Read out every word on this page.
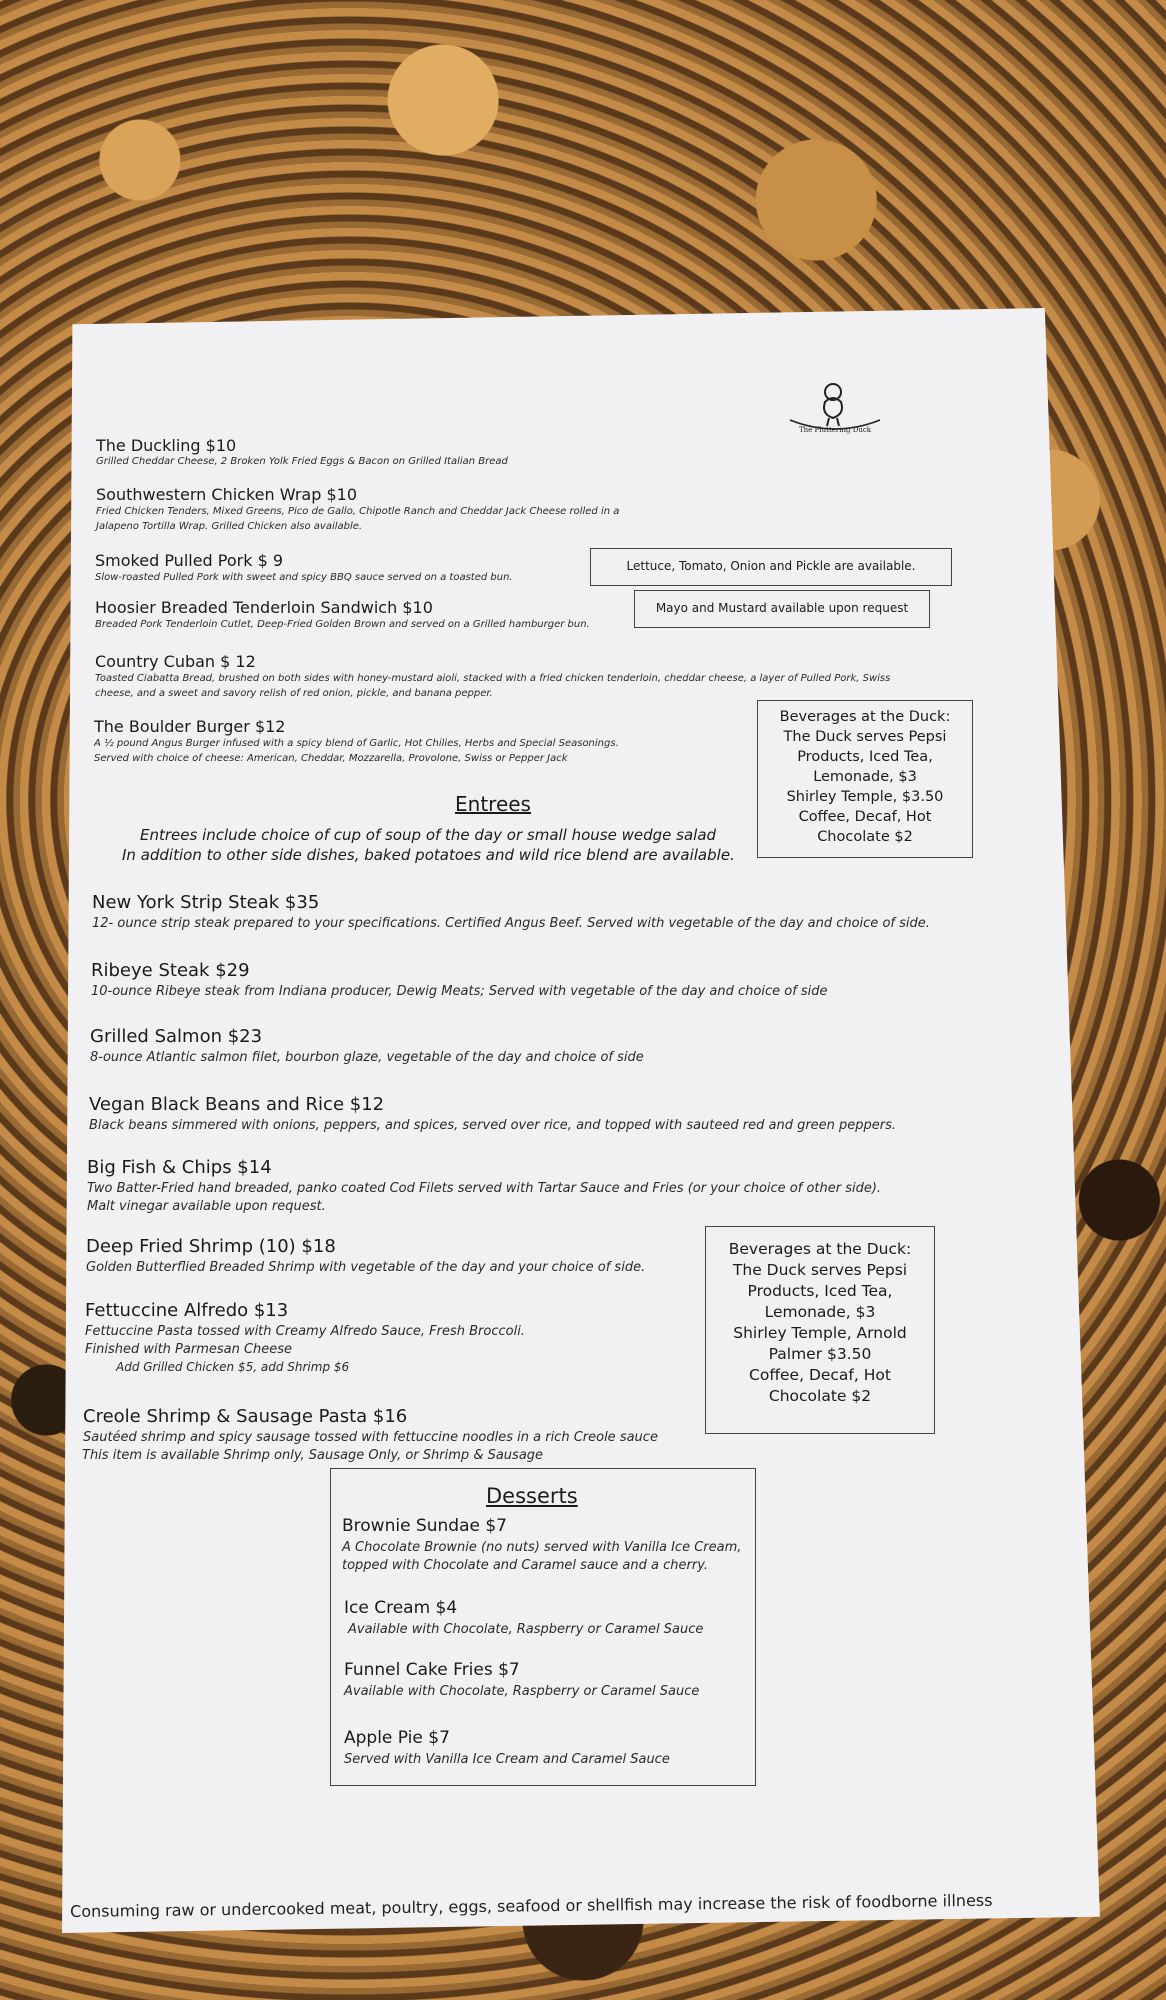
The Fluttering Duck
The Duckling $10
Grilled Cheddar Cheese, 2 Broken Yolk Fried Eggs & Bacon on Grilled Italian Bread
Southwestern Chicken Wrap $10
Fried Chicken Tenders, Mixed Greens, Pico de Gallo, Chipotle Ranch and Cheddar Jack Cheese rolled in a
Jalapeno Tortilla Wrap. Grilled Chicken also available.
Smoked Pulled Pork $ 9
Slow-roasted Pulled Pork with sweet and spicy BBQ sauce served on a toasted bun.
Lettuce, Tomato, Onion and Pickle are available.
Hoosier Breaded Tenderloin Sandwich $10
Breaded Pork Tenderloin Cutlet, Deep-Fried Golden Brown and served on a Grilled hamburger bun.
Mayo and Mustard available upon request
Country Cuban $ 12
Toasted Ciabatta Bread, brushed on both sides with honey-mustard aioli, stacked with a fried chicken tenderloin, cheddar cheese, a layer of Pulled Pork, Swiss
cheese, and a sweet and savory relish of red onion, pickle, and banana pepper.
The Boulder Burger $12
A ½ pound Angus Burger infused with a spicy blend of Garlic, Hot Chilies, Herbs and Special Seasonings.
Served with choice of cheese: American, Cheddar, Mozzarella, Provolone, Swiss or Pepper Jack
Beverages at the Duck:
The Duck serves Pepsi
Products, Iced Tea,
Lemonade, $3
Shirley Temple, $3.50
Coffee, Decaf, Hot
Chocolate $2
Entrees
Entrees include choice of cup of soup of the day or small house wedge salad
In addition to other side dishes, baked potatoes and wild rice blend are available.
New York Strip Steak $35
12- ounce strip steak prepared to your specifications. Certified Angus Beef. Served with vegetable of the day and choice of side.
Ribeye Steak $29
10-ounce Ribeye steak from Indiana producer, Dewig Meats; Served with vegetable of the day and choice of side
Grilled Salmon $23
8-ounce Atlantic salmon filet, bourbon glaze, vegetable of the day and choice of side
Vegan Black Beans and Rice $12
Black beans simmered with onions, peppers, and spices, served over rice, and topped with sauteed red and green peppers.
Big Fish & Chips $14
Two Batter-Fried hand breaded, panko coated Cod Filets served with Tartar Sauce and Fries (or your choice of other side).
Malt vinegar available upon request.
Deep Fried Shrimp (10) $18
Golden Butterflied Breaded Shrimp with vegetable of the day and your choice of side.
Fettuccine Alfredo $13
Fettuccine Pasta tossed with Creamy Alfredo Sauce, Fresh Broccoli.
Finished with Parmesan Cheese
Add Grilled Chicken $5, add Shrimp $6
Creole Shrimp & Sausage Pasta $16
Sautéed shrimp and spicy sausage tossed with fettuccine noodles in a rich Creole sauce
This item is available Shrimp only, Sausage Only, or Shrimp & Sausage
Beverages at the Duck:
The Duck serves Pepsi
Products, Iced Tea,
Lemonade, $3
Shirley Temple, Arnold
Palmer $3.50
Coffee, Decaf, Hot
Chocolate $2
Desserts
Brownie Sundae $7
A Chocolate Brownie (no nuts) served with Vanilla Ice Cream,
topped with Chocolate and Caramel sauce and a cherry.
Ice Cream $4
Available with Chocolate, Raspberry or Caramel Sauce
Funnel Cake Fries $7
Available with Chocolate, Raspberry or Caramel Sauce
Apple Pie $7
Served with Vanilla Ice Cream and Caramel Sauce
Consuming raw or undercooked meat, poultry, eggs, seafood or shellfish may increase the risk of foodborne illness
